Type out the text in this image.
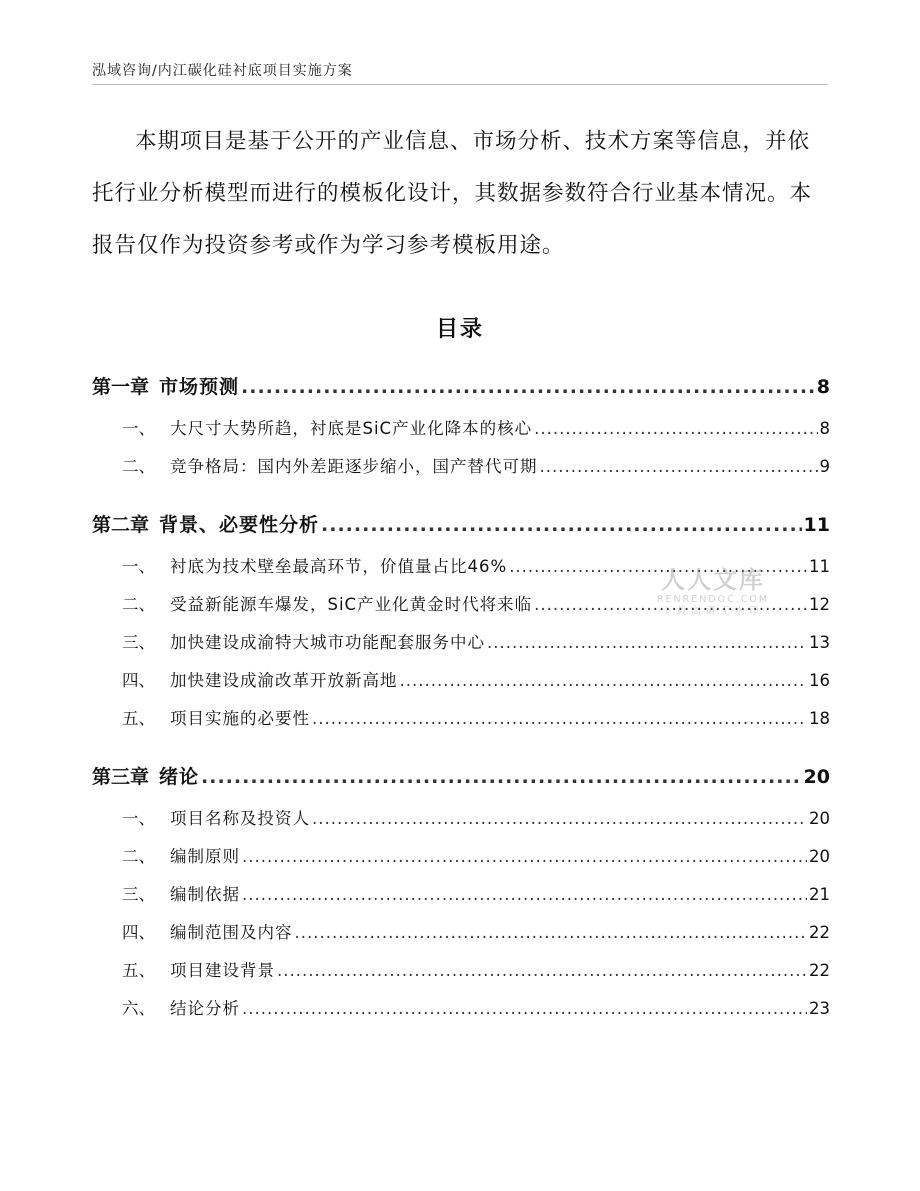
泓域咨询/内江碳化硅衬底项目实施方案

本期项目是基于公开的产业信息、市场分析、技术方案等信息，并依托行业分析模型而进行的模板化设计，其数据参数符合行业基本情况。本报告仅作为投资参考或作为学习参考模板用途。

目录
第一章 市场预测 .....	8
一、 大尺寸大势所趋，衬底是SiC产业化降本的核心 .....	8
二、 竞争格局：国内外差距逐步缩小，国产替代可期 .....	9
第二章 背景、必要性分析 .....	11
一、 衬底为技术壁垒最高环节，价值量占比46% .....	11
二、 受益新能源车爆发，SiC产业化黄金时代将来临 .....	12
三、 加快建设成渝特大城市功能配套服务中心 .....	13
四、 加快建设成渝改革开放新高地 .....	16
五、 项目实施的必要性 .....	18
第三章 绪论 .....	20
一、 项目名称及投资人 .....	20
二、 编制原则 .....	20
三、 编制依据 .....	21
四、 编制范围及内容 .....	22
五、 项目建设背景 .....	22
六、 结论分析 .....	23
人人文库
RENRENDOC.COM
下载高清无水印
